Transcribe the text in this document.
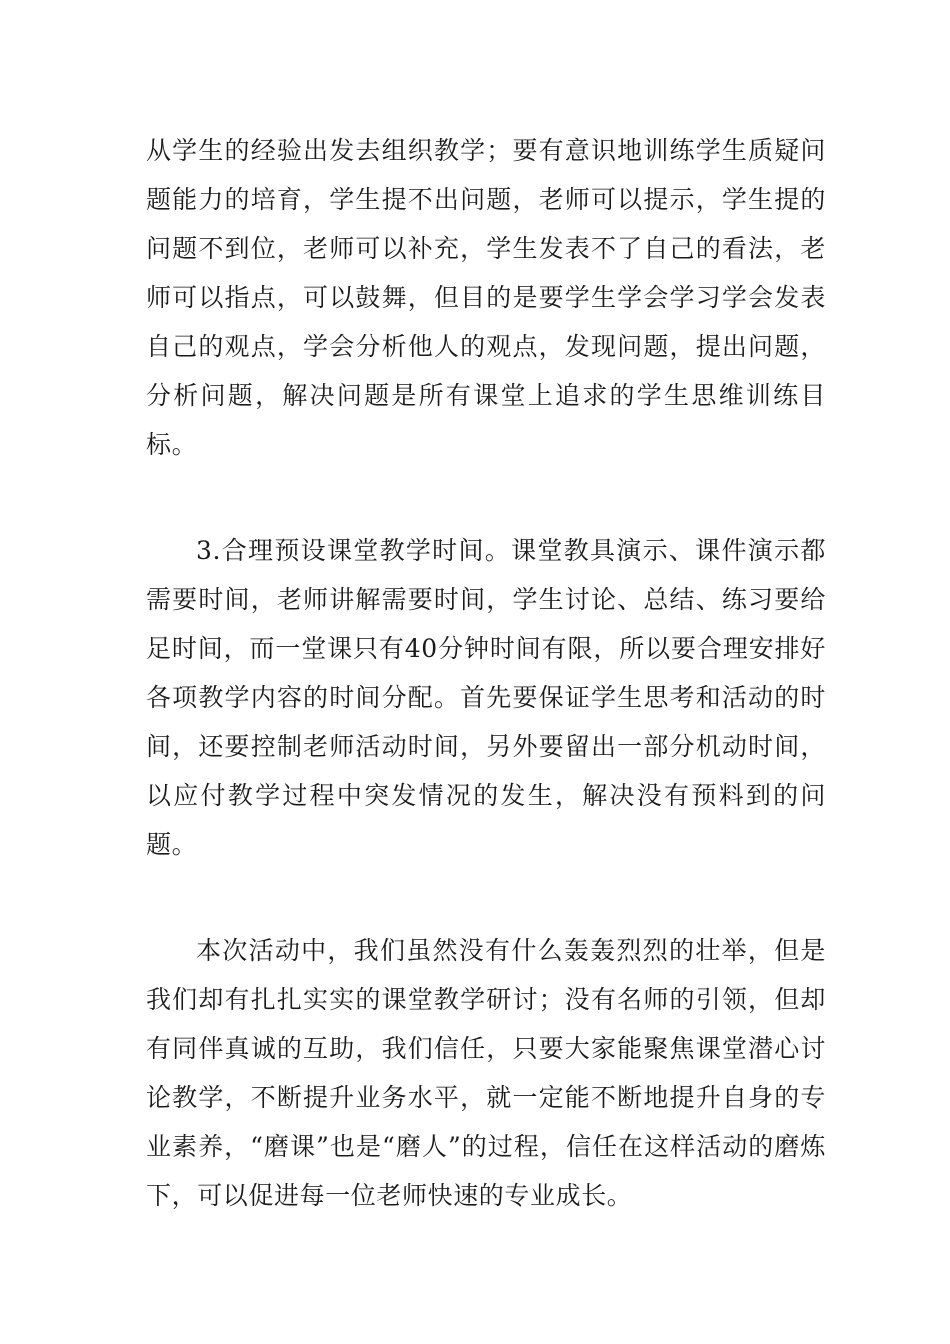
从学生的经验出发去组织教学；要有意识地训练学生质疑问题能力的培育，学生提不出问题，老师可以提示，学生提的问题不到位，老师可以补充，学生发表不了自己的看法，老师可以指点，可以鼓舞，但目的是要学生学会学习学会发表自己的观点，学会分析他人的观点，发现问题，提出问题，分析问题，解决问题是所有课堂上追求的学生思维训练目标。

3.合理预设课堂教学时间。课堂教具演示、课件演示都需要时间，老师讲解需要时间，学生讨论、总结、练习要给足时间，而一堂课只有40分钟时间有限，所以要合理安排好各项教学内容的时间分配。首先要保证学生思考和活动的时间，还要控制老师活动时间，另外要留出一部分机动时间，以应付教学过程中突发情况的发生，解决没有预料到的问题。

本次活动中，我们虽然没有什么轰轰烈烈的壮举，但是我们却有扎扎实实的课堂教学研讨；没有名师的引领，但却有同伴真诚的互助，我们信任，只要大家能聚焦课堂潜心讨论教学，不断提升业务水平，就一定能不断地提升自身的专业素养，“磨课”也是“磨人”的过程，信任在这样活动的磨炼下，可以促进每一位老师快速的专业成长。
